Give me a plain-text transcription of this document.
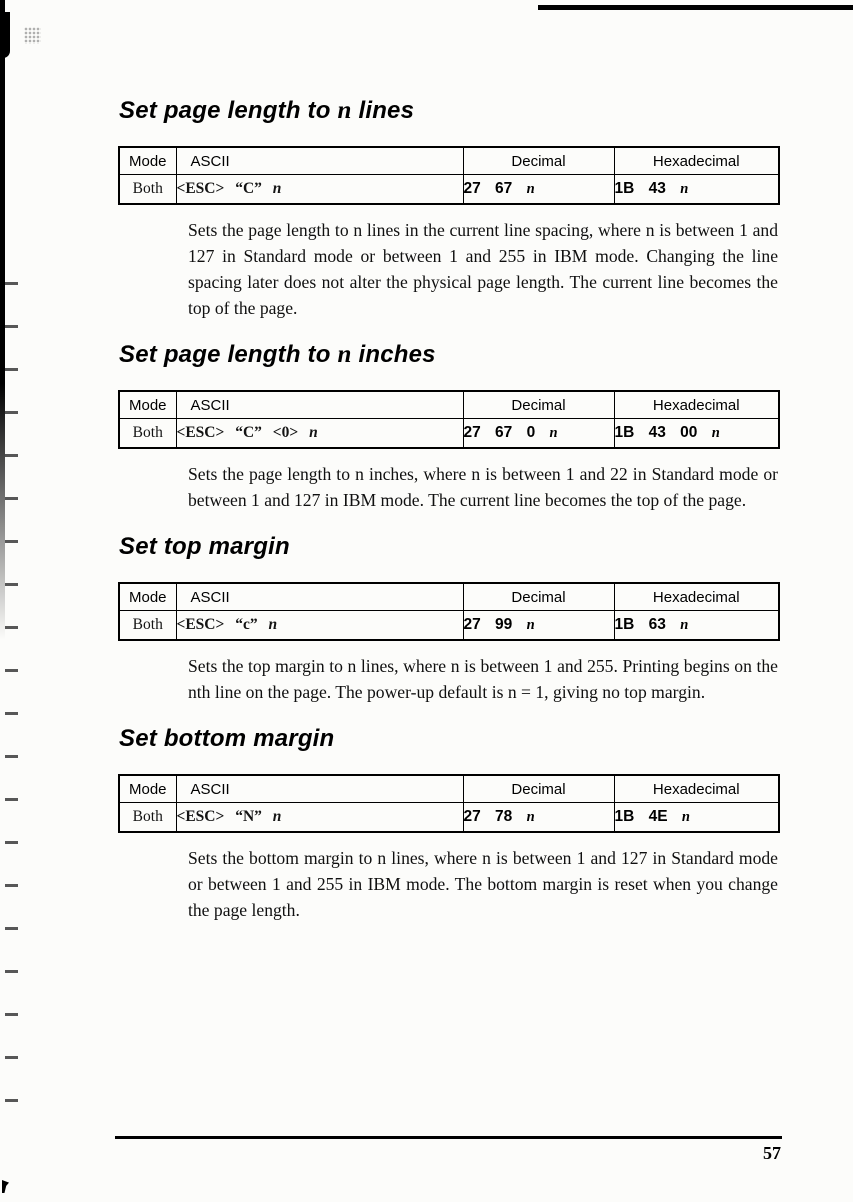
Set page length to n lines
Mode	ASCII	Decimal	Hexadecimal
Both	<ESC> “C” n	27 67 n	1B 43 n

Sets the page length to n lines in the current line spacing, where n is between 1 and 127 in Standard mode or between 1 and 255 in IBM mode. Changing the line spacing later does not alter the physical page length. The current line becomes the top of the page.

Set page length to n inches
Mode	ASCII	Decimal	Hexadecimal
Both	<ESC> “C” <0> n	27 67 0 n	1B 43 00 n

Sets the page length to n inches, where n is between 1 and 22 in Standard mode or between 1 and 127 in IBM mode. The current line becomes the top of the page.

Set top margin
Mode	ASCII	Decimal	Hexadecimal
Both	<ESC> “c” n	27 99 n	1B 63 n

Sets the top margin to n lines, where n is between 1 and 255. Printing begins on the nth line on the page. The power-up default is n = 1, giving no top margin.

Set bottom margin
Mode	ASCII	Decimal	Hexadecimal
Both	<ESC> “N” n	27 78 n	1B 4E n

Sets the bottom margin to n lines, where n is between 1 and 127 in Standard mode or between 1 and 255 in IBM mode. The bottom margin is reset when you change the page length.

57
